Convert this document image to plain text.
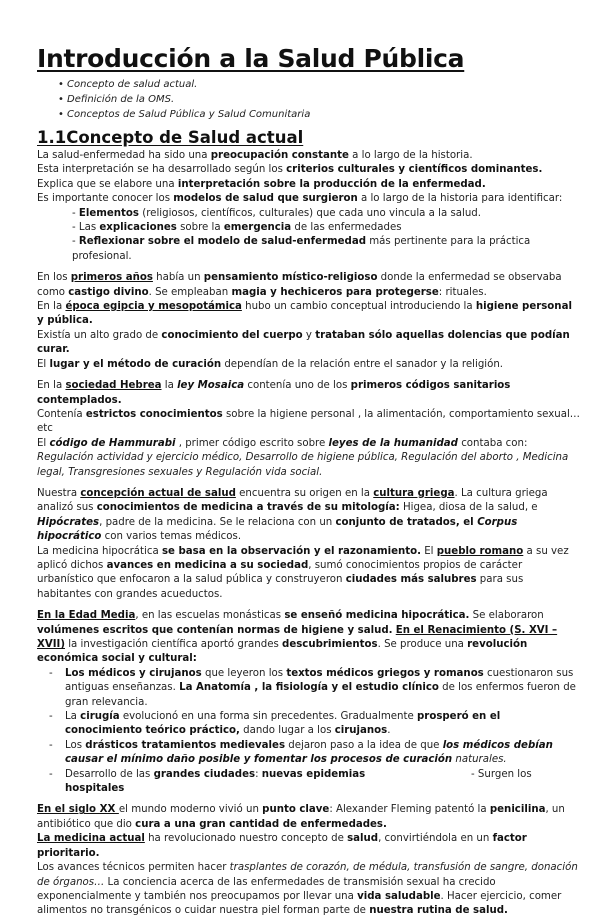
Introducción a la Salud Pública
• Concepto de salud actual.
• Definición de la OMS.
• Conceptos de Salud Pública y Salud Comunitaria
1.1Concepto de Salud actual

La salud-enfermedad ha sido una preocupación constante a lo largo de la historia.

Esta interpretación se ha desarrollado según los criterios culturales y científicos dominantes.

Explica que se elabore una interpretación sobre la producción de la enfermedad.

Es importante conocer los modelos de salud que surgieron a lo largo de la historia para identificar:

- Elementos (religiosos, científicos, culturales) que cada uno vincula a la salud.

- Las explicaciones sobre la emergencia de las enfermedades

- Reflexionar sobre el modelo de salud-enfermedad más pertinente para la práctica profesional.

En los primeros años había un pensamiento místico-religioso donde la enfermedad se observaba como castigo divino. Se empleaban magia y hechiceros para protegerse: rituales.

En la época egipcia y mesopotámica hubo un cambio conceptual introduciendo la higiene personal y pública.

Existía un alto grado de conocimiento del cuerpo y trataban sólo aquellas dolencias que podían curar.

El lugar y el método de curación dependían de la relación entre el sanador y la religión.

En la sociedad Hebrea la ley Mosaica contenía uno de los primeros códigos sanitarios contemplados.

Contenía estrictos conocimientos sobre la higiene personal , la alimentación, comportamiento sexual…etc

El código de Hammurabi , primer código escrito sobre leyes de la humanidad contaba con: Regulación actividad y ejercicio médico, Desarrollo de higiene pública, Regulación del aborto , Medicina legal, Transgresiones sexuales y Regulación vida social.

Nuestra concepción actual de salud encuentra su origen en la cultura griega. La cultura griega analizó sus conocimientos de medicina a través de su mitología: Higea, diosa de la salud, e Hipócrates, padre de la medicina. Se le relaciona con un conjunto de tratados, el Corpus hipocrático con varios temas médicos.

La medicina hipocrática se basa en la observación y el razonamiento. El pueblo romano a su vez aplicó dichos avances en medicina a su sociedad, sumó conocimientos propios de carácter urbanístico que enfocaron a la salud pública y construyeron ciudades más salubres para sus habitantes con grandes acueductos.

En la Edad Media, en las escuelas monásticas se enseñó medicina hipocrática. Se elaboraron volúmenes escritos que contenían normas de higiene y salud. En el Renacimiento (S. XVI – XVII) la investigación científica aportó grandes descubrimientos. Se produce una revolución económica social y cultural:

- Los médicos y cirujanos que leyeron los textos médicos griegos y romanos cuestionaron sus antiguas enseñanzas. La Anatomía , la fisiología y el estudio clínico de los enfermos fueron de gran relevancia.
- La cirugía evolucionó en una forma sin precedentes. Gradualmente prosperó en el conocimiento teórico práctico, dando lugar a los cirujanos.
- Los drásticos tratamientos medievales dejaron paso a la idea de que los médicos debían causar el mínimo daño posible y fomentar los procesos de curación naturales.
- Desarrollo de las grandes ciudades: nuevas epidemias	- Surgen los hospitales

En el siglo XX el mundo moderno vivió un punto clave: Alexander Fleming patentó la penicilina, un antibiótico que dio cura a una gran cantidad de enfermedades.

La medicina actual ha revolucionado nuestro concepto de salud, convirtiéndola en un factor prioritario.

Los avances técnicos permiten hacer trasplantes de corazón, de médula, transfusión de sangre, donación de órganos… La conciencia acerca de las enfermedades de transmisión sexual ha crecido exponencialmente y también nos preocupamos por llevar una vida saludable. Hacer ejercicio, comer alimentos no transgénicos o cuidar nuestra piel forman parte de nuestra rutina de salud.
